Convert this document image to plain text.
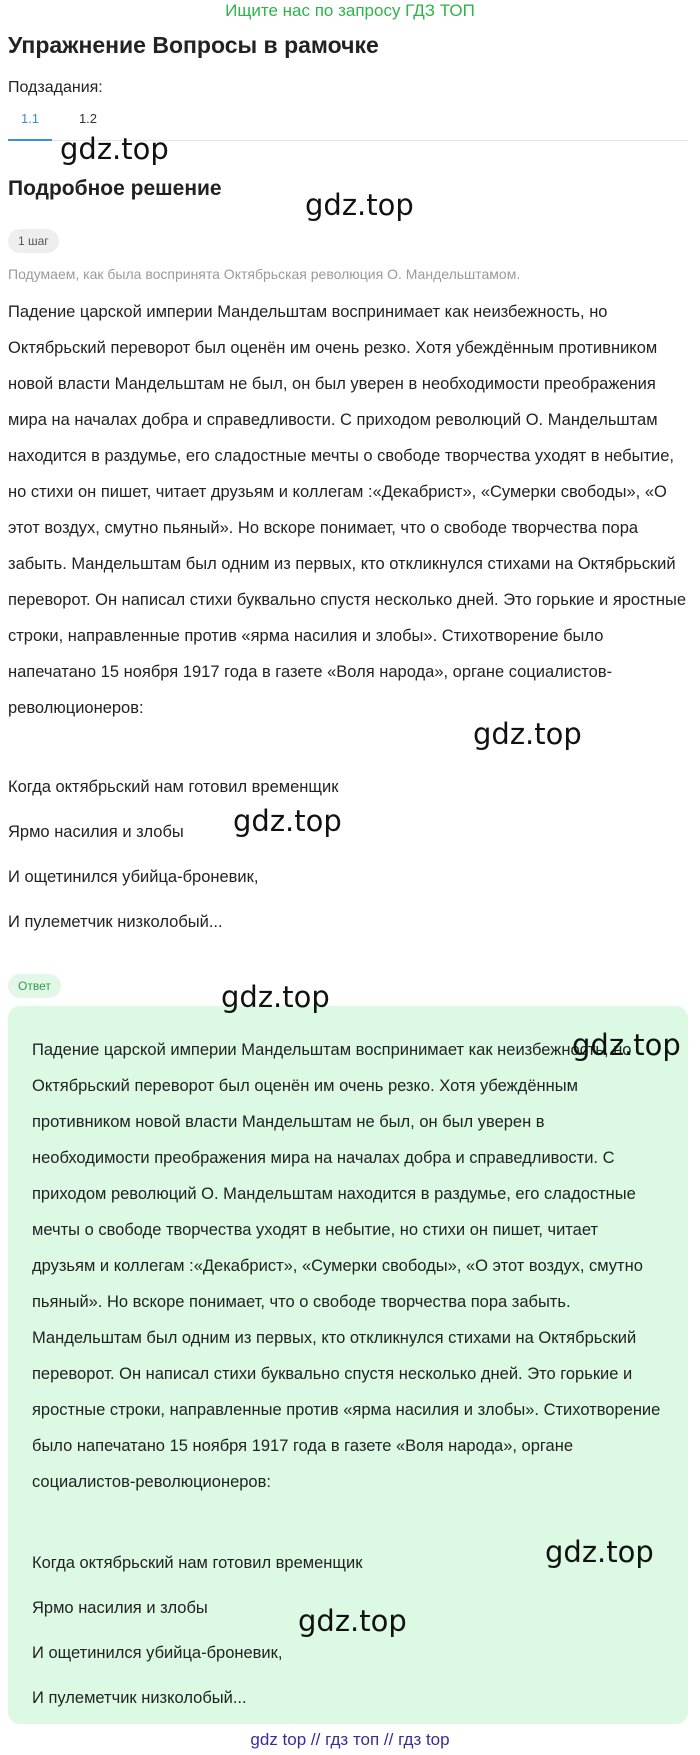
Ищите нас по запросу ГДЗ ТОП
Упражнение Вопросы в рамочке
Подзадания:
1.1	1.2
Подробное решение
1 шаг
Подумаем, как была воспринята Октябрьская революция О. Мандельштамом.

Падение царской империи Мандельштам воспринимает как неизбежность, но Октябрьский переворот был оценён им очень резко. Хотя убеждённым противником новой власти Мандельштам не был, он был уверен в необходимости преображения мира на началах добра и справедливости. С приходом революций О. Мандельштам находится в раздумье, его сладостные мечты о свободе творчества уходят в небытие, но стихи он пишет, читает друзьям и коллегам :«Декабрист», «Сумерки свободы», «О этот воздух, смутно пьяный». Но вскоре понимает, что о свободе творчества пора забыть. Мандельштам был одним из первых, кто откликнулся стихами на Октябрьский переворот. Он написал стихи буквально спустя несколько дней. Это горькие и яростные строки, направленные против «ярма насилия и злобы». Стихотворение было напечатано 15 ноября 1917 года в газете «Воля народа», органе социалистов-революционеров:

Когда октябрьский нам готовил временщик
Ярмо насилия и злобы
И ощетинился убийца-броневик,
И пулеметчик низколобый...
Ответ

Падение царской империи Мандельштам воспринимает как неизбежность, но Октябрьский переворот был оценён им очень резко. Хотя убеждённым противником новой власти Мандельштам не был, он был уверен в необходимости преображения мира на началах добра и справедливости. С приходом революций О. Мандельштам находится в раздумье, его сладостные мечты о свободе творчества уходят в небытие, но стихи он пишет, читает друзьям и коллегам :«Декабрист», «Сумерки свободы», «О этот воздух, смутно пьяный». Но вскоре понимает, что о свободе творчества пора забыть. Мандельштам был одним из первых, кто откликнулся стихами на Октябрьский переворот. Он написал стихи буквально спустя несколько дней. Это горькие и яростные строки, направленные против «ярма насилия и злобы». Стихотворение было напечатано 15 ноября 1917 года в газете «Воля народа», органе социалистов-революционеров:

Когда октябрьский нам готовил временщик
Ярмо насилия и злобы
И ощетинился убийца-броневик,
И пулеметчик низколобый...
gdz.top
gdz.top
gdz.top
gdz.top
gdz.top
gdz.top
gdz.top
gdz.top
gdz top // гдз топ // гдз top
